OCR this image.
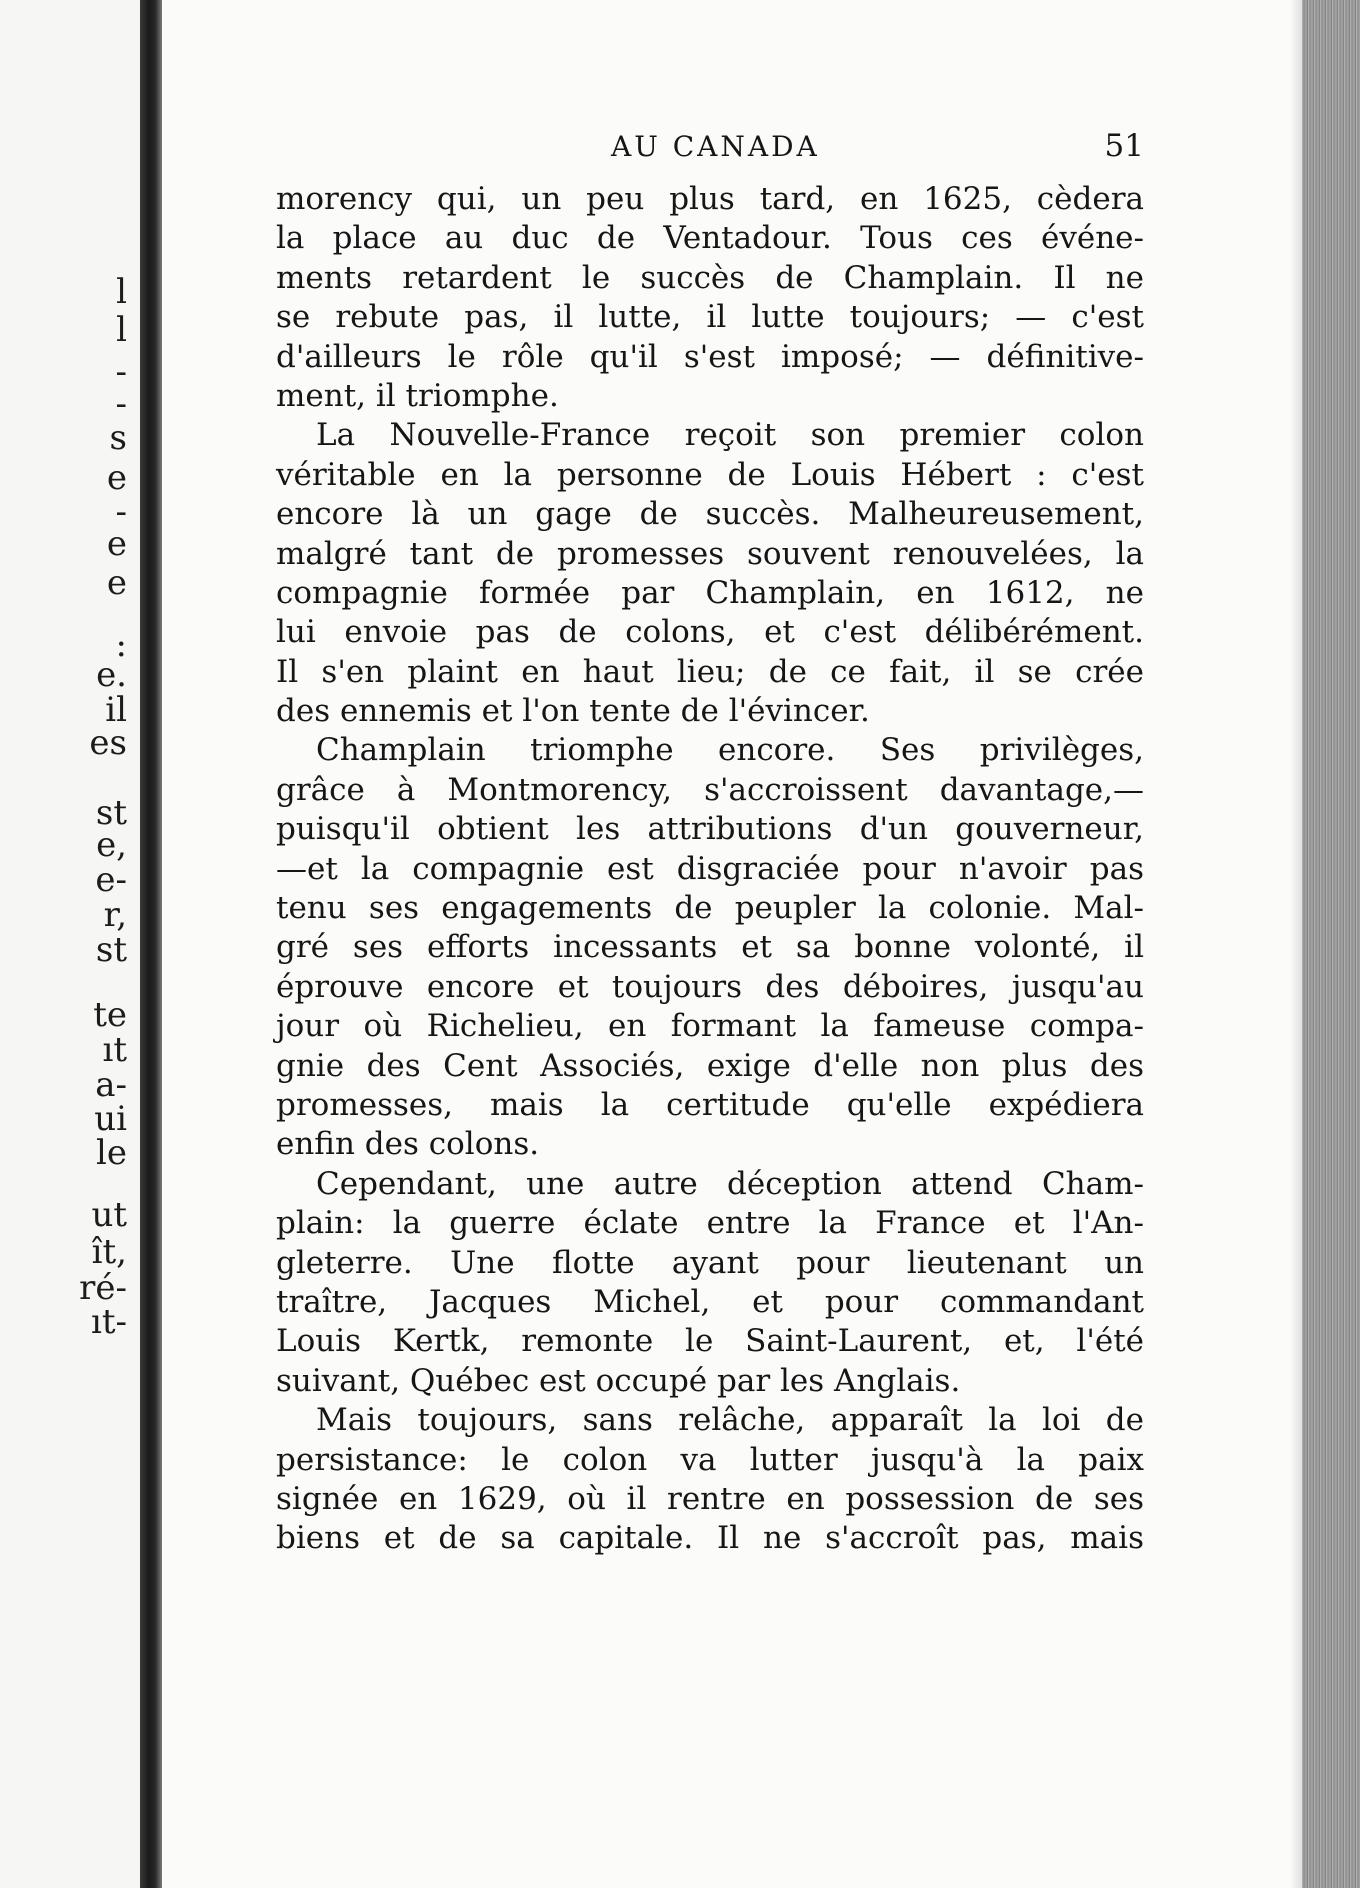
l
l
-
-
s
e
-
e
e
:
e.
il
es
st
e,
e-
r,
st
te
ıt
a-
ui
le
ut
ît,
ré-
ıt-
AU CANADA	51
morency qui, un peu plus tard, en 1625, cèdera
la place au duc de Ventadour. Tous ces événe-
ments retardent le succès de Champlain. Il ne
se rebute pas, il lutte, il lutte toujours; — c'est
d'ailleurs le rôle qu'il s'est imposé; — définitive-
ment, il triomphe.
La Nouvelle-France reçoit son premier colon
véritable en la personne de Louis Hébert : c'est
encore là un gage de succès. Malheureusement,
malgré tant de promesses souvent renouvelées, la
compagnie formée par Champlain, en 1612, ne
lui envoie pas de colons, et c'est délibérément.
Il s'en plaint en haut lieu; de ce fait, il se crée
des ennemis et l'on tente de l'évincer.
Champlain triomphe encore. Ses privilèges,
grâce à Montmorency, s'accroissent davantage,—
puisqu'il obtient les attributions d'un gouverneur,
—et la compagnie est disgraciée pour n'avoir pas
tenu ses engagements de peupler la colonie. Mal-
gré ses efforts incessants et sa bonne volonté, il
éprouve encore et toujours des déboires, jusqu'au
jour où Richelieu, en formant la fameuse compa-
gnie des Cent Associés, exige d'elle non plus des
promesses, mais la certitude qu'elle expédiera
enfin des colons.
Cependant, une autre déception attend Cham-
plain: la guerre éclate entre la France et l'An-
gleterre. Une flotte ayant pour lieutenant un
traître, Jacques Michel, et pour commandant
Louis Kertk, remonte le Saint-Laurent, et, l'été
suivant, Québec est occupé par les Anglais.
Mais toujours, sans relâche, apparaît la loi de
persistance: le colon va lutter jusqu'à la paix
signée en 1629, où il rentre en possession de ses
biens et de sa capitale. Il ne s'accroît pas, mais
